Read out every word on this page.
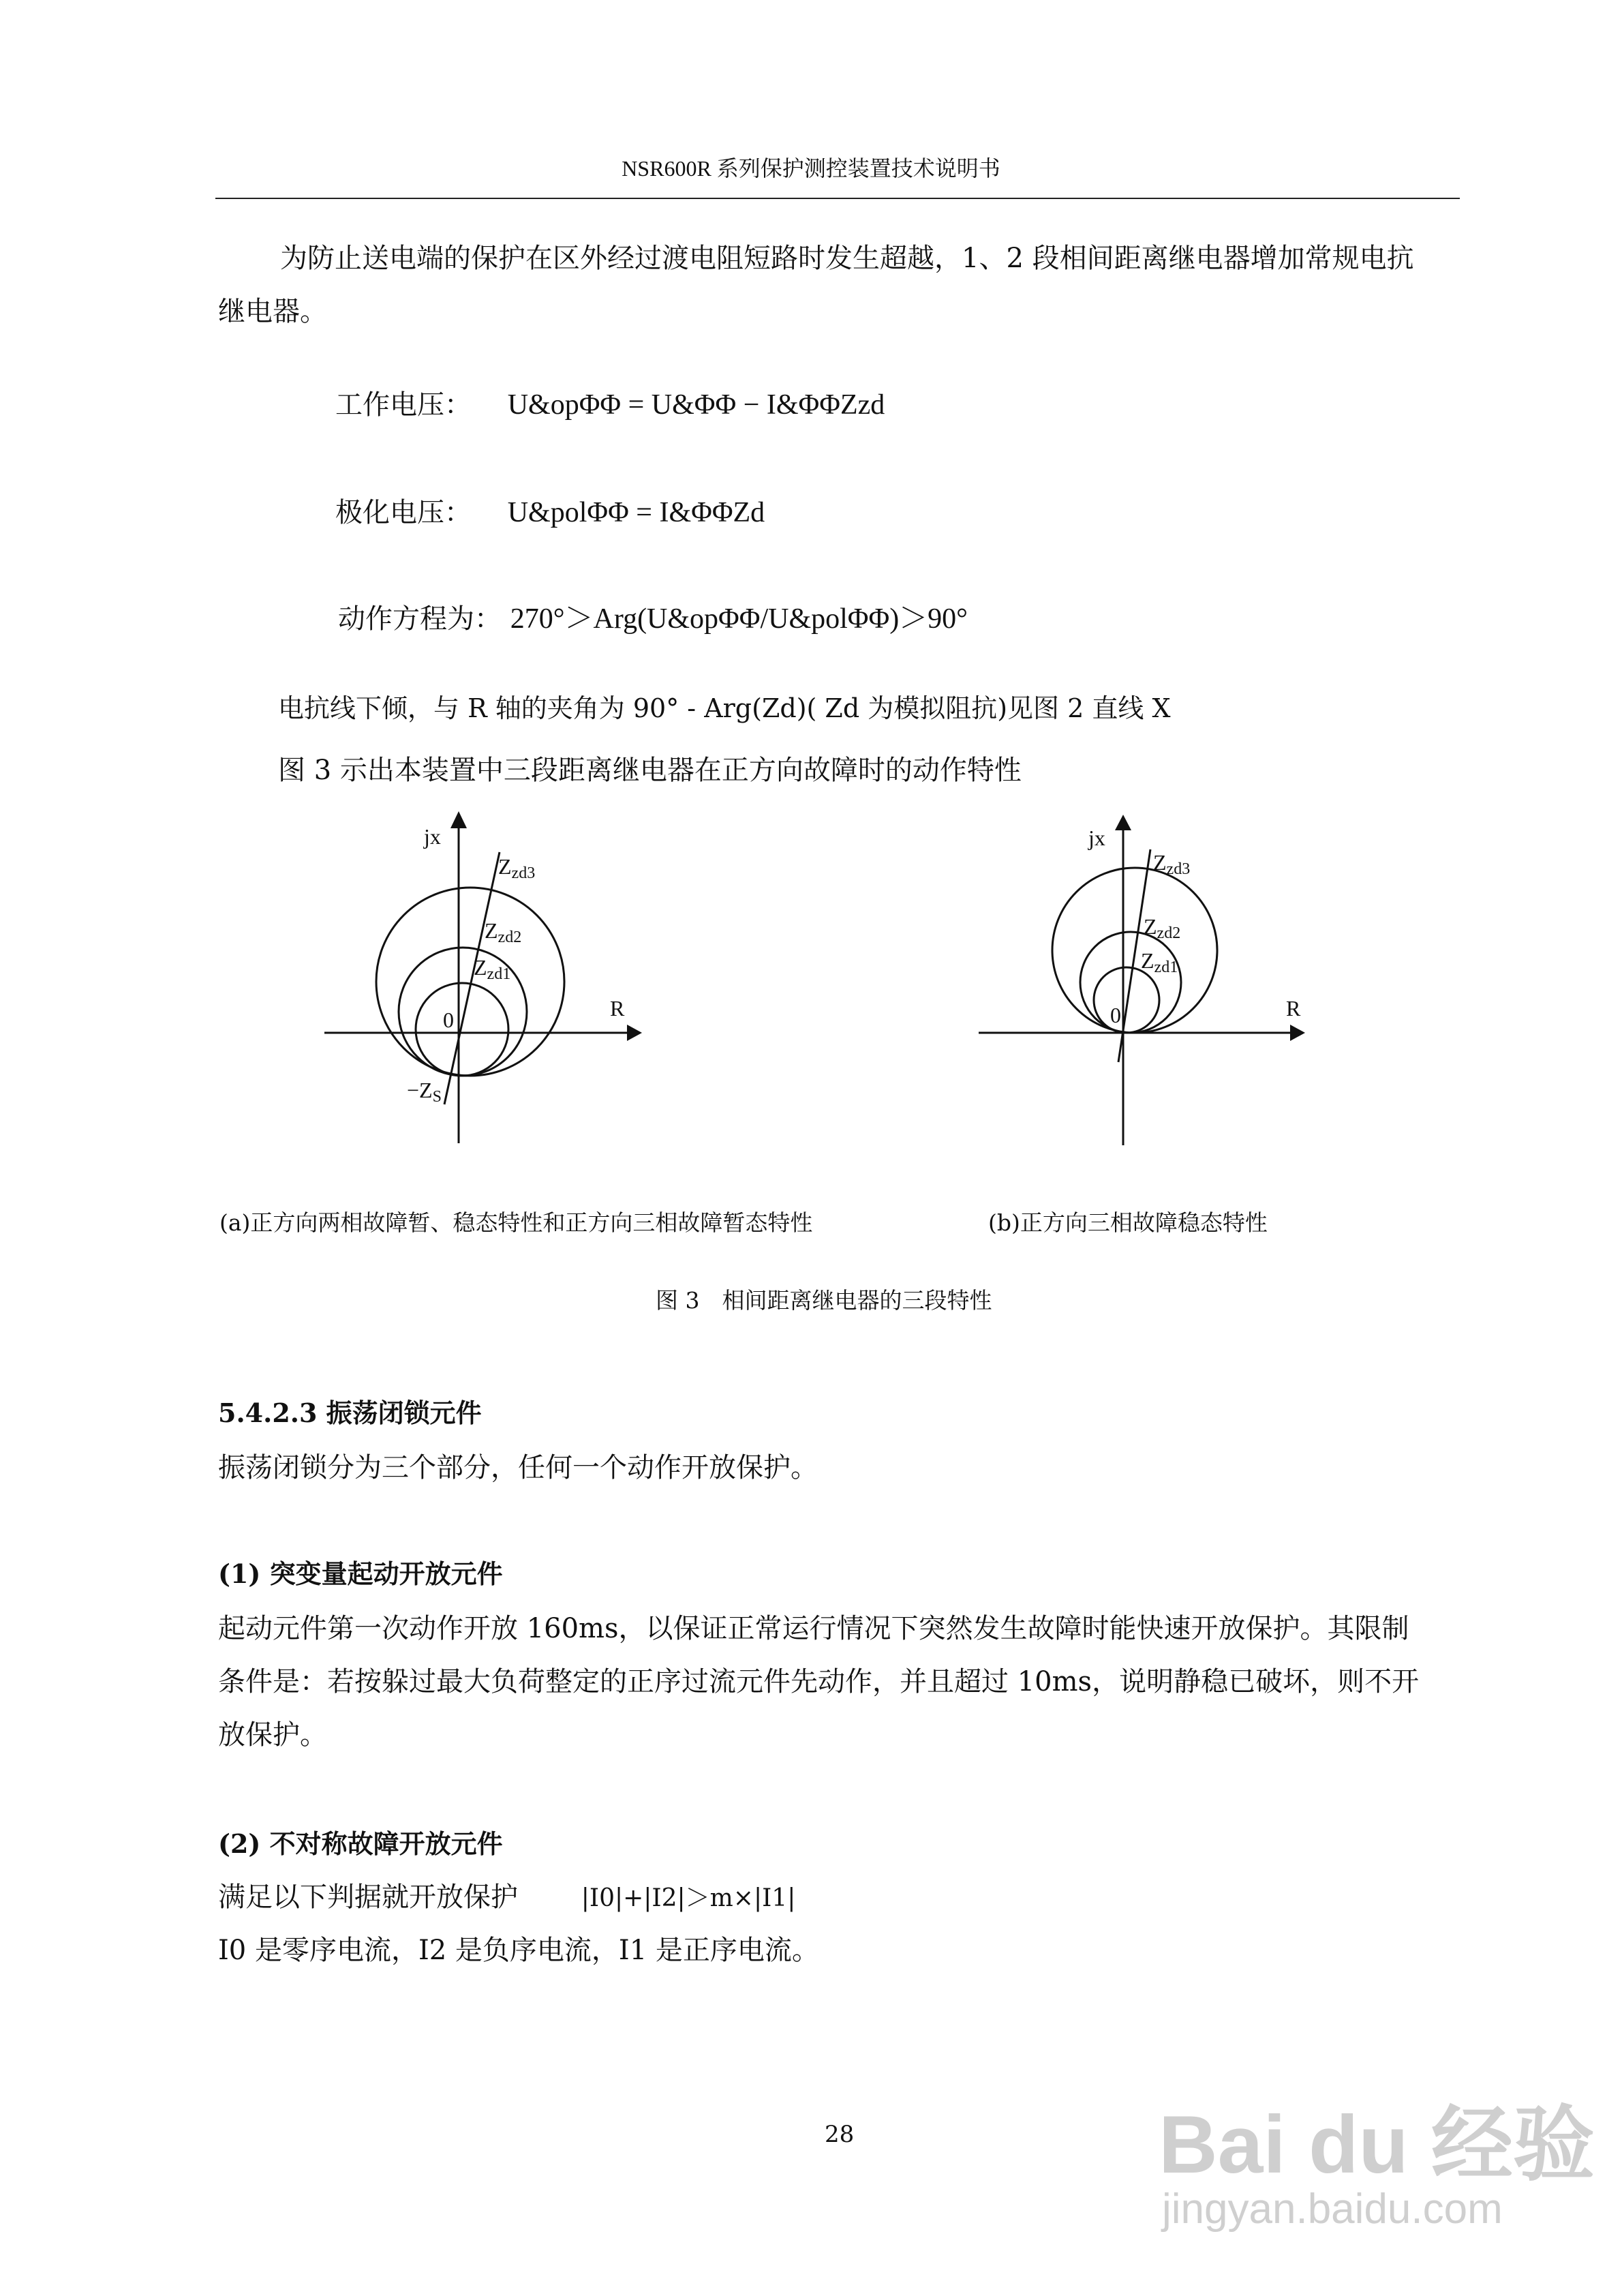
NSR600R 系列保护测控装置技术说明书
为防止送电端的保护在区外经过渡电阻短路时发生超越，1、2 段相间距离继电器增加常规电抗
继电器。
工作电压： U&opΦΦ = U&ΦΦ − I&ΦΦZzd
极化电压： U&polΦΦ = I&ΦΦZd
动作方程为： 270°＞Arg(U&opΦΦ/U&polΦΦ)＞90°
电抗线下倾，与 R 轴的夹角为 90° - Arg(Zd)( Zd 为模拟阻抗)见图 2 直线 X
图 3 示出本装置中三段距离继电器在正方向故障时的动作特性
jx
R
0
Zzd3
Zzd2
Zzd1
−ZS
jx
R
0
Zzd3
Zzd2
Zzd1
(a)正方向两相故障暂、稳态特性和正方向三相故障暂态特性	(b)正方向三相故障稳态特性
图 3　相间距离继电器的三段特性
5.4.2.3 振荡闭锁元件
振荡闭锁分为三个部分，任何一个动作开放保护。
(1) 突变量起动开放元件
起动元件第一次动作开放 160ms，以保证正常运行情况下突然发生故障时能快速开放保护。其限制
条件是：若按躲过最大负荷整定的正序过流元件先动作，并且超过 10ms，说明静稳已破坏，则不开
放保护。
(2) 不对称故障开放元件
满足以下判据就开放保护	|I0|+|I2|＞m×|I1|
I0 是零序电流，I2 是负序电流，I1 是正序电流。
28	Bai du 经验
jingyan.baidu.com
